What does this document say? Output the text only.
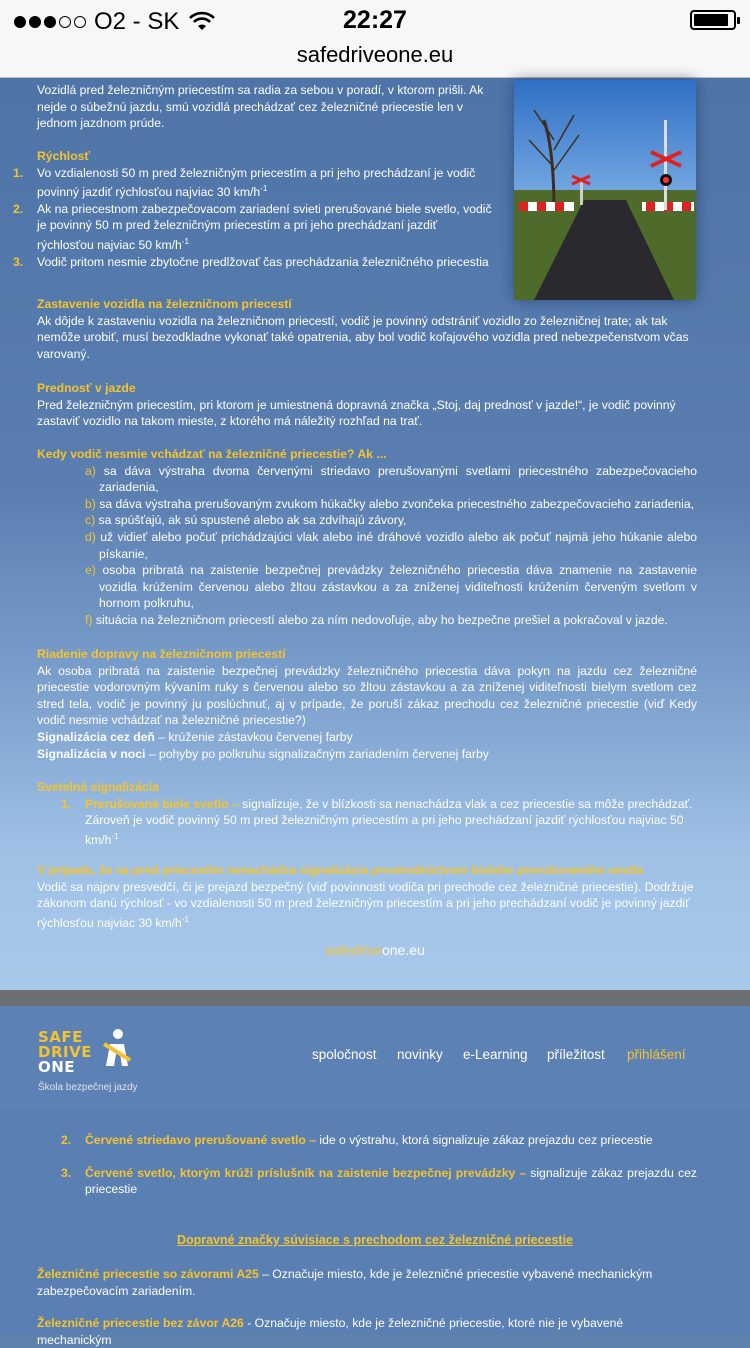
O2 - SK	22:27
safedriveone.eu
Vozidlá pred železničným priecestím sa radia za sebou v poradí, v ktorom prišli. Ak nejde o súbežnú jazdu, smú vozidlá prechádzať cez železničné priecestie len v jednom jazdnom prúde.
Rýchlosť
1. Vo vzdialenosti 50 m pred železničným priecestím a pri jeho prechádzaní je vodič povinný jazdiť rýchlosťou najviac 30 $km/h^{-1}$
2. Ak na priecestnom zabezpečovacom zariadení svieti prerušované biele svetlo, vodič je povinný 50 m pred železničným priecestím a pri jeho prechádzaní jazdiť rýchlosťou najviac 50 $km/h^{-1}$
3. Vodič pritom nesmie zbytočne predlžovať čas prechádzania železničného priecestia
Zastavenie vozidla na železničnom priecestí
Ak dôjde k zastaveniu vozidla na železničnom priecestí, vodič je povinný odstrániť vozidlo zo železničnej trate; ak tak nemôže urobiť, musí bezodkladne vykonať také opatrenia, aby bol vodič koľajového vozidla pred nebezpečenstvom včas varovaný.
Prednosť v jazde
Pred železničným priecestím, pri ktorom je umiestnená dopravná značka „Stoj, daj prednosť v jazde!“, je vodič povinný zastaviť vozidlo na takom mieste, z ktorého má náležitý rozhľad na trať.
Kedy vodič nesmie vchádzať na železničné priecestie? Ak ...
a) sa dáva výstraha dvoma červenými striedavo prerušovanými svetlami priecestného zabezpečovacieho zariadenia,
b) sa dáva výstraha prerušovaným zvukom húkačky alebo zvončeka priecestného zabezpečovacieho zariadenia,
c) sa spúšťajú, ak sú spustené alebo ak sa zdvíhajú závory,
d) už vidieť alebo počuť prichádzajúci vlak alebo iné dráhové vozidlo alebo ak počuť najmä jeho húkanie alebo pískanie,
e) osoba pribratá na zaistenie bezpečnej prevádzky železničného priecestia dáva znamenie na zastavenie vozidla krúžením červenou alebo žltou zástavkou a za zníženej viditeľnosti krúžením červeným svetlom v hornom polkruhu,
f) situácia na železničnom priecestí alebo za ním nedovoľuje, aby ho bezpečne prešiel a pokračoval v jazde.
Riadenie dopravy na železničnom priecestí
Ak osoba pribratá na zaistenie bezpečnej prevádzky železničného priecestia dáva pokyn na jazdu cez železničné priecestie vodorovným kývaním ruky s červenou alebo so žltou zástavkou a za zníženej viditeľnosti bielym svetlom cez stred tela, vodič je povinný ju poslúchnuť, aj v prípade, že poruší zákaz prechodu cez železničné priecestie (viď Kedy vodič nesmie vchádzať na železničné priecestie?)
Signalizácia cez deň – krúženie zástavkou červenej farby
Signalizácia v noci – pohyby po polkruhu signalizačným zariadením červenej farby
Svetelná signalizácia
1. Prerušované biele svetlo – signalizuje, že v blízkosti sa nenachádza vlak a cez priecestie sa môže prechádzať. Zároveň je vodič povinný 50 m pred železničným priecestím a pri jeho prechádzaní jazdiť rýchlosťou najviac 50 $km/h^{-1}$
V prípade, že sa pred priecestím nenachádza signalizácia prostredníctvom bieleho prerušovaného svetla
Vodič sa najprv presvedčí, či je prejazd bezpečný (viď povinnosti vodiča pri prechode cez železničné priecestie). Dodržuje zákonom danú rýchlosť - vo vzdialenosti 50 m pred železničným priecestím a pri jeho prechádzaní vodič je povinný jazdiť rýchlosťou najviac 30 $km/h^{-1}$
safedriveone.eu
SAFE
DRIVE
ONE
Škola bezpečnej jazdy
spoločnost novinky e-Learning příležitost přihlášení
2. Červené striedavo prerušované svetlo – ide o výstrahu, ktorá signalizuje zákaz prejazdu cez priecestie
3. Červené svetlo, ktorým krúži príslušník na zaistenie bezpečnej prevádzky – signalizuje zákaz prejazdu cez priecestie
Dopravné značky súvisiace s prechodom cez železničné priecestie
Železničné priecestie so závorami A25 – Označuje miesto, kde je železničné priecestie vybavené mechanickým zabezpečovacím zariadením.
Železničné priecestie bez závor A26 - Označuje miesto, kde je železničné priecestie, ktoré nie je vybavené mechanickým
